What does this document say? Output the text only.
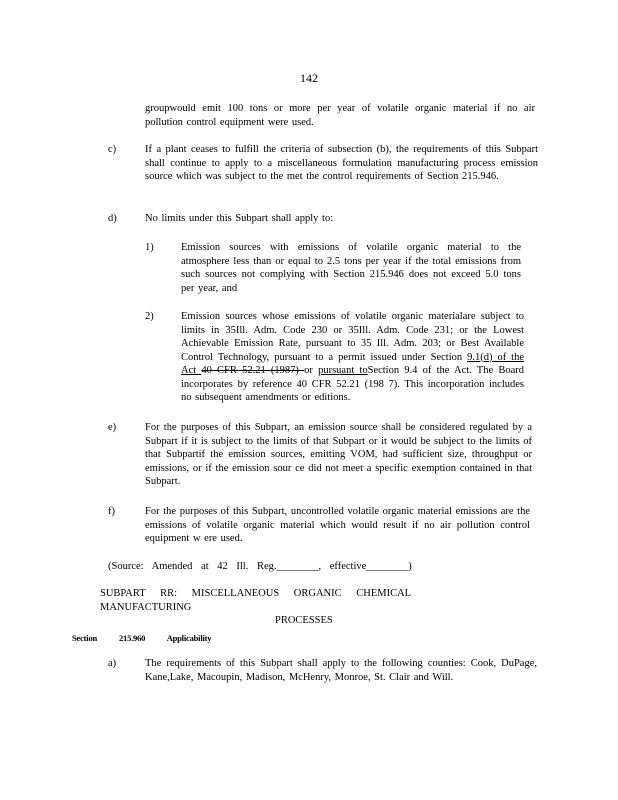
142
groupwould emit 100 tons or more per year of volatile organic material if no air pollution control equipment were used.
c)	If a plant ceases to fulfill the criteria of subsection (b), the requirements of this Subpart shall continue to apply to a miscellaneous formulation manufacturing process emission source which was subject to the met the control requirements of Section 215.946.
d)	No limits under this Subpart shall apply to:
1)	Emission sources with emissions of volatile organic material to the atmosphere less than or equal to 2.5 tons per year if the total emissions from such sources not complying with Section 215.946 does not exceed 5.0 tons per year, and
2)	Emission sources whose emissions of volatile organic materialare subject to limits in 35Ill. Adm. Code 230 or 35Ill. Adm. Code 231; or the Lowest Achievable Emission Rate, pursuant to 35 Ill. Adm. 203; or Best Available Control Technology, pursuant to a permit issued under Section 9.1(d) of the Act 40 CFR 52.21 (1987) or pursuant toSection 9.4 of the Act. The Board incorporates by reference 40 CFR 52.21 (198 7). This incorporation includes no subsequent amendments or editions.
e)	For the purposes of this Subpart, an emission source shall be considered regulated by a Subpart if it is subject to the limits of that Subpart or it would be subject to the limits of that Subpartif the emission sources, emitting VOM, had sufficient size, throughput or emissions, or if the emission sour ce did not meet a specific exemption contained in that Subpart.
f)	For the purposes of this Subpart, uncontrolled volatile organic material emissions are the emissions of volatile organic material which would result if no air pollution control equipment w ere used.
(Source: Amended at 42 Ill. Reg.________, effective________)
SUBPART RR: MISCELLANEOUS ORGANIC CHEMICAL MANUFACTURING
PROCESSES
Section	215.960	Applicability
a)	The requirements of this Subpart shall apply to the following counties: Cook, DuPage, Kane,Lake, Macoupin, Madison, McHenry, Monroe, St. Clair and Will.
